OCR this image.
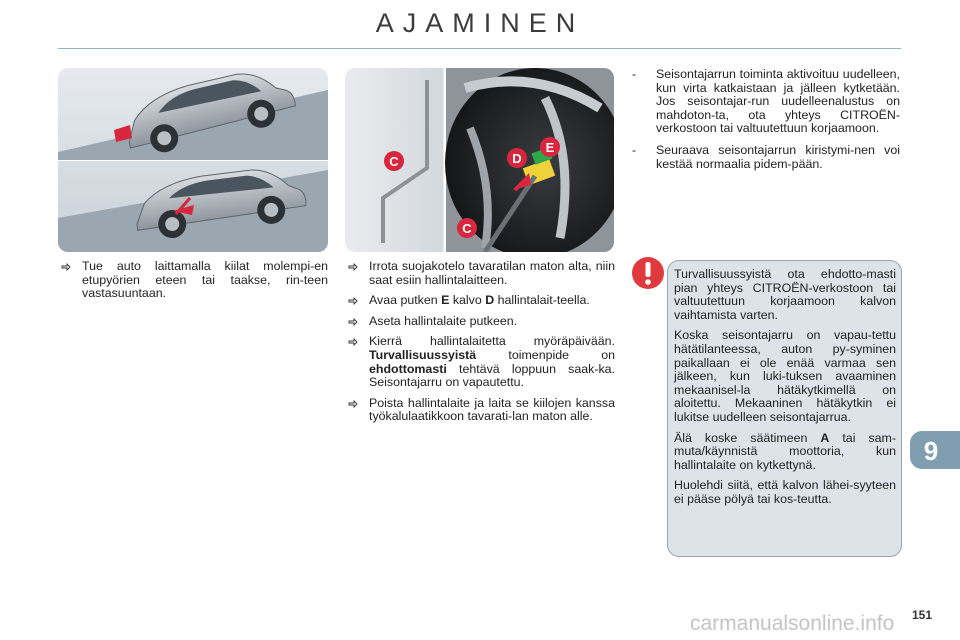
AJAMINEN
C
C
D
E
Tue auto laittamalla kiilat molempi-en etupyörien eteen tai taakse, rin-teen vastasuuntaan.
Irrota suojakotelo tavaratilan maton alta, niin saat esiin hallintalaitteen.
Avaa putken E kalvo D hallintalait-teella.
Aseta hallintalaite putkeen.
Kierrä hallintalaitetta myöräpäivään. Turvallisuussyistä toimenpide on ehdottomasti tehtävä loppuun saak-ka. Seisontajarru on vapautettu.
Poista hallintalaite ja laita se kiilojen kanssa työkalulaatikkoon tavarati-lan maton alle.
- Seisontajarrun toiminta aktivoituu uudelleen, kun virta katkaistaan ja jälleen kytketään. Jos seisontajar-run uudelleenalustus on mahdoton-ta, ota yhteys CITROËN-verkostoon tai valtuutettuun korjaamoon.
- Seuraava seisontajarrun kiristymi-nen voi kestää normaalia pidem-pään.

Turvallisuussyistä ota ehdotto-masti pian yhteys CITROËN-verkostoon tai valtuutettuun korjaamoon kalvon vaihtamista varten.

Koska seisontajarru on vapau-tettu hätätilanteessa, auton py-syminen paikallaan ei ole enää varmaa sen jälkeen, kun luki-tuksen avaaminen mekaanisel-la hätäkytkimellä on aloitettu. Mekaaninen hätäkytkin ei lukitse uudelleen seisontajarrua.

Älä koske säätimeen A tai sam-muta/käynnistä moottoria, kun hallintalaite on kytkettynä.

Huolehdi siitä, että kalvon lähei-syyteen ei pääse pölyä tai kos-teutta.

9
carmanualsonline.info 151
